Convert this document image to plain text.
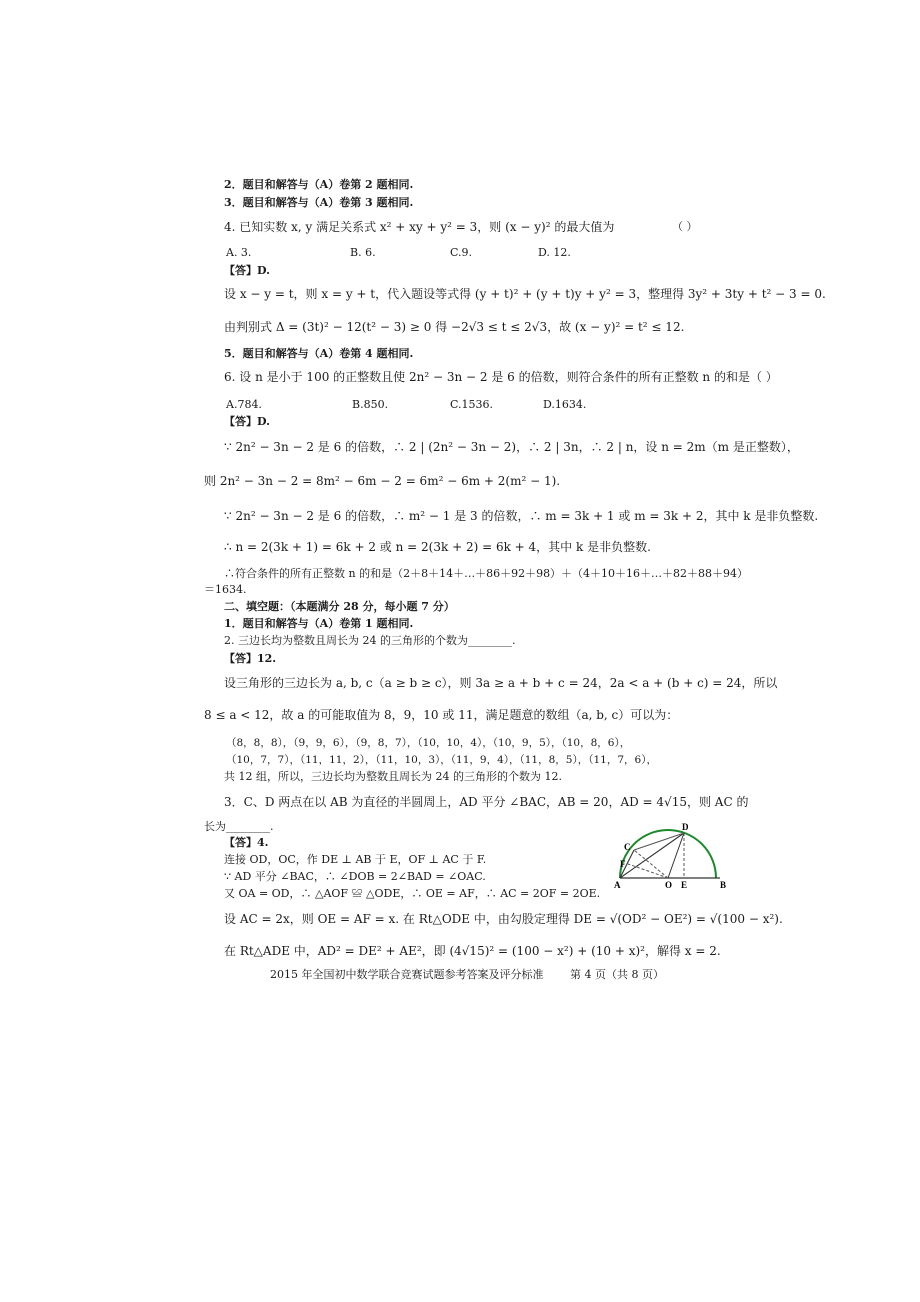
2．题目和解答与（A）卷第 2 题相同.
3．题目和解答与（A）卷第 3 题相同.
4. 已知实数 x, y 满足关系式 x² + xy + y² = 3，则 (x − y)² 的最大值为	（ ）
A. 3.	B. 6.	C.9.	D. 12.
【答】D.
设 x − y = t，则 x = y + t，代入题设等式得 (y + t)² + (y + t)y + y² = 3，整理得 3y² + 3ty + t² − 3 = 0.
由判别式 Δ = (3t)² − 12(t² − 3) ≥ 0 得 −2√3 ≤ t ≤ 2√3，故 (x − y)² = t² ≤ 12.
5．题目和解答与（A）卷第 4 题相同.
6. 设 n 是小于 100 的正整数且使 2n² − 3n − 2 是 6 的倍数，则符合条件的所有正整数 n 的和是（ ）
A.784.	B.850.	C.1536.	D.1634.
【答】D.
∵ 2n² − 3n − 2 是 6 的倍数，∴ 2 | (2n² − 3n − 2)，∴ 2 | 3n，∴ 2 | n，设 n = 2m（m 是正整数），
则 2n² − 3n − 2 = 8m² − 6m − 2 = 6m² − 6m + 2(m² − 1).
∵ 2n² − 3n − 2 是 6 的倍数，∴ m² − 1 是 3 的倍数，∴ m = 3k + 1 或 m = 3k + 2，其中 k 是非负整数.
∴ n = 2(3k + 1) = 6k + 2 或 n = 2(3k + 2) = 6k + 4，其中 k 是非负整数.
∴符合条件的所有正整数 n 的和是（2＋8＋14＋…＋86＋92＋98）＋（4＋10＋16＋…＋82＋88＋94）
＝1634.
二、填空题：（本题满分 28 分，每小题 7 分）
1．题目和解答与（A）卷第 1 题相同.
2. 三边长均为整数且周长为 24 的三角形的个数为________.
【答】12.
设三角形的三边长为 a, b, c（a ≥ b ≥ c），则 3a ≥ a + b + c = 24，2a < a + (b + c) = 24，所以
8 ≤ a < 12，故 a 的可能取值为 8，9，10 或 11，满足题意的数组（a, b, c）可以为：
（8，8，8），（9，9，6），（9，8，7），（10，10，4），（10，9，5），（10，8，6），
（10，7，7），（11，11，2），（11，10，3），（11，9，4），（11，8，5），（11，7，6），
共 12 组，所以，三边长均为整数且周长为 24 的三角形的个数为 12.
3．C、D 两点在以 AB 为直径的半圆周上，AD 平分 ∠BAC，AB = 20，AD = 4√15，则 AC 的
长为________.
【答】4.
连接 OD，OC，作 DE ⊥ AB 于 E，OF ⊥ AC 于 F.
∵ AD 平分 ∠BAC，∴ ∠DOB = 2∠BAD = ∠OAC.
又 OA = OD，∴ △AOF ≌ △ODE，∴ OE = AF，∴ AC = 2OF = 2OE.
设 AC = 2x，则 OE = AF = x. 在 Rt△ODE 中，由勾股定理得 DE = √(OD² − OE²) = √(100 − x²).
在 Rt△ADE 中，AD² = DE² + AE²，即 (4√15)² = (100 − x²) + (10 + x)²，解得 x = 2.
2015 年全国初中数学联合竞赛试题参考答案及评分标准 第 4 页（共 8 页）
D
C
F
A	O E	B
